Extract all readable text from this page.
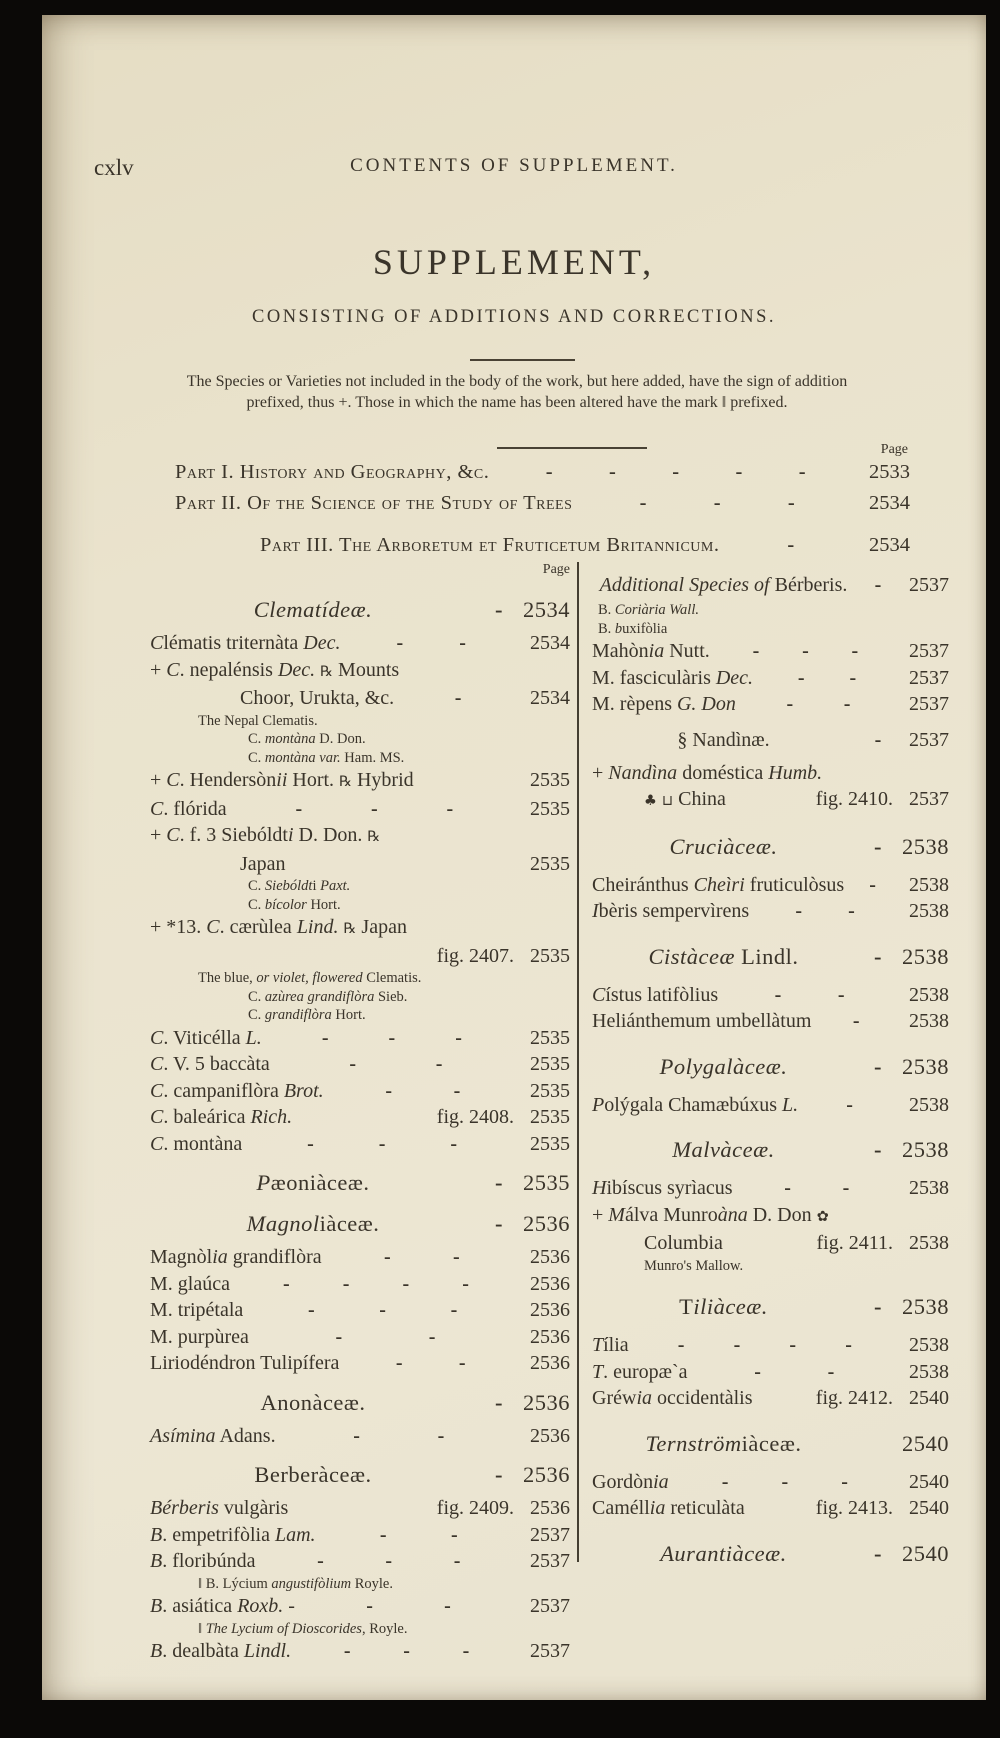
cxlv	CONTENTS OF SUPPLEMENT.
SUPPLEMENT,
CONSISTING OF ADDITIONS AND CORRECTIONS.
The Species or Varieties not included in the body of the work, but here added, have the sign of addition
prefixed, thus +. Those in which the name has been altered have the mark ‖ prefixed.
Page
Part I. History and Geography, &c.	-	-	-	-	-	2533
Part II. Of the Science of the Study of Trees	-	-	-	2534
Part III. The Arboretum et Fruticetum Britannicum.	-	2534
Page
Clematídeæ.	- 2534
Clématis triternàta Dec.	-	-	2534
+ C. nepalénsis Dec. ℞ Mounts
Choor, Urukta, &c.	-	2534
The Nepal Clematis.
C. montàna D. Don.
C. montàna var. Ham. MS.
+ C. Hendersònii Hort. ℞ Hybrid	2535
C. flórida	-	-	-	2535
+ C. f. 3 Siebóldti D. Don. ℞
Japan	2535
C. Siebóldti Paxt.
C. bícolor Hort.
+ *13. C. cærùlea Lind. ℞ Japan
fig. 2407. 2535
The blue, or violet, flowered Clematis.
C. azùrea grandiflòra Sieb.
C. grandiflòra Hort.
C. Viticélla L.	-	-	-	2535
C. V. 5 baccàta	-	-	2535
C. campaniflòra Brot.	-	-	2535
C. baleárica Rich.	fig. 2408. 2535
C. montàna	-	-	-	2535
Pæoniàceæ.	- 2535
Magnoliàceæ.	- 2536
Magnòlia grandiflòra	-	-	2536
M. glaúca	-	-	-	-	2536
M. tripétala	-	-	-	2536
M. purpùrea	-	-	2536
Liriodéndron Tulipífera	-	-	2536
Anonàceæ.	- 2536
Asímina Adans.	-	-	2536
Berberàceæ.	- 2536
Bérberis vulgàris	fig. 2409. 2536
B. empetrifòlia Lam.	-	-	2537
B. floribúnda	-	-	-	2537
‖ B. Lýcium angustifòlium Royle.
B. asiática Roxb. -	-	-	2537
‖ The Lycium of Dioscorides, Royle.
B. dealbàta Lindl.	-	-	-	2537
Additional Species of Bérberis. -	2537
B. Coriària Wall.
B. buxifòlia
Mahònia Nutt. - - -	2537
M. fasciculàris Dec. - -	2537
M. rèpens G. Don	-	-	2537
§ Nandìnæ.	-	2537
+ Nandìna doméstica Humb.
♣ ⊔ China	fig. 2410. 2537
Cruciàceæ.	- 2538
Cheiránthus Cheìri fruticulòsus -	2538
Ibèris sempervìrens - -	2538
Cistàceæ Lindl.	- 2538
Cístus latifòlius	-	-	2538
Heliánthemum umbellàtum -	2538
Polygalàceæ.	- 2538
Polýgala Chamæbúxus L. -	2538
Malvàceæ.	- 2538
Hibíscus syrìacus	-	-	2538
+ Málva Munroàna D. Don ✿
Columbia	fig. 2411. 2538
Munro's Mallow.
Tiliàceæ.	- 2538
Tília - - - -	2538
T. europæ`a	-	-	2538
Gréwia occidentàlis	fig. 2412. 2540
Ternströmiàceæ.	2540
Gordònia	-	-	-	2540
Caméllia reticulàta	fig. 2413. 2540
Aurantiàceæ.	- 2540
